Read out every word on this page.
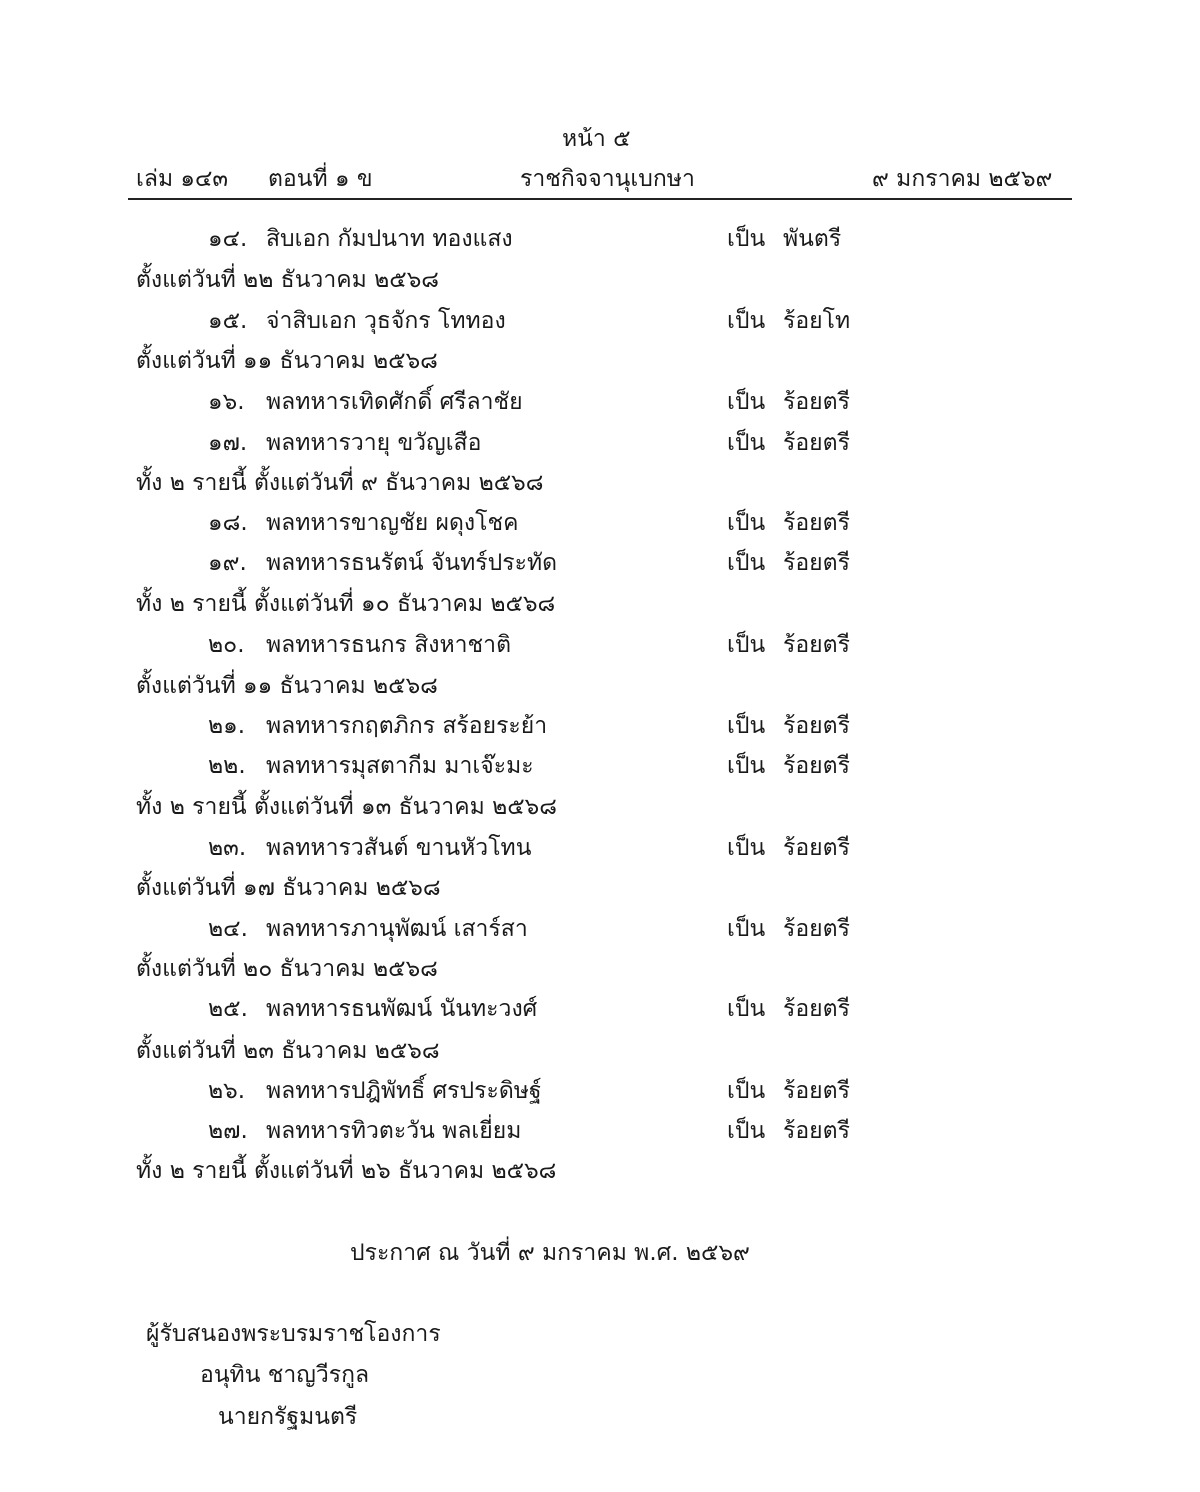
หน้า ๕
เล่ม ๑๔๓ ตอนที่ ๑ ข	ราชกิจจานุเบกษา	๙ มกราคม ๒๕๖๙
๑๔. สิบเอก กัมปนาท ทองแสง	เป็น พันตรี
ตั้งแต่วันที่ ๒๒ ธันวาคม ๒๕๖๘
๑๕. จ่าสิบเอก วุธจักร โททอง	เป็น ร้อยโท
ตั้งแต่วันที่ ๑๑ ธันวาคม ๒๕๖๘
๑๖. พลทหารเทิดศักดิ์ ศรีลาชัย	เป็น ร้อยตรี
๑๗. พลทหารวายุ ขวัญเสือ	เป็น ร้อยตรี
ทั้ง ๒ รายนี้ ตั้งแต่วันที่ ๙ ธันวาคม ๒๕๖๘
๑๘. พลทหารขาญชัย ผดุงโชค	เป็น ร้อยตรี
๑๙. พลทหารธนรัตน์ จันทร์ประทัด	เป็น ร้อยตรี
ทั้ง ๒ รายนี้ ตั้งแต่วันที่ ๑๐ ธันวาคม ๒๕๖๘
๒๐. พลทหารธนกร สิงหาชาติ	เป็น ร้อยตรี
ตั้งแต่วันที่ ๑๑ ธันวาคม ๒๕๖๘
๒๑. พลทหารกฤตภิกร สร้อยระย้า	เป็น ร้อยตรี
๒๒. พลทหารมุสตากีม มาเจ๊ะมะ	เป็น ร้อยตรี
ทั้ง ๒ รายนี้ ตั้งแต่วันที่ ๑๓ ธันวาคม ๒๕๖๘
๒๓. พลทหารวสันต์ ขานหัวโทน	เป็น ร้อยตรี
ตั้งแต่วันที่ ๑๗ ธันวาคม ๒๕๖๘
๒๔. พลทหารภานุพัฒน์ เสาร์สา	เป็น ร้อยตรี
ตั้งแต่วันที่ ๒๐ ธันวาคม ๒๕๖๘
๒๕. พลทหารธนพัฒน์ นันทะวงศ์	เป็น ร้อยตรี
ตั้งแต่วันที่ ๒๓ ธันวาคม ๒๕๖๘
๒๖. พลทหารปฎิพัทธิ์ ศรประดิษฐ์	เป็น ร้อยตรี
๒๗. พลทหารทิวตะวัน พลเยี่ยม	เป็น ร้อยตรี
ทั้ง ๒ รายนี้ ตั้งแต่วันที่ ๒๖ ธันวาคม ๒๕๖๘
ประกาศ ณ วันที่ ๙ มกราคม พ.ศ. ๒๕๖๙
ผู้รับสนองพระบรมราชโองการ
อนุทิน ชาญวีรกูล
นายกรัฐมนตรี
